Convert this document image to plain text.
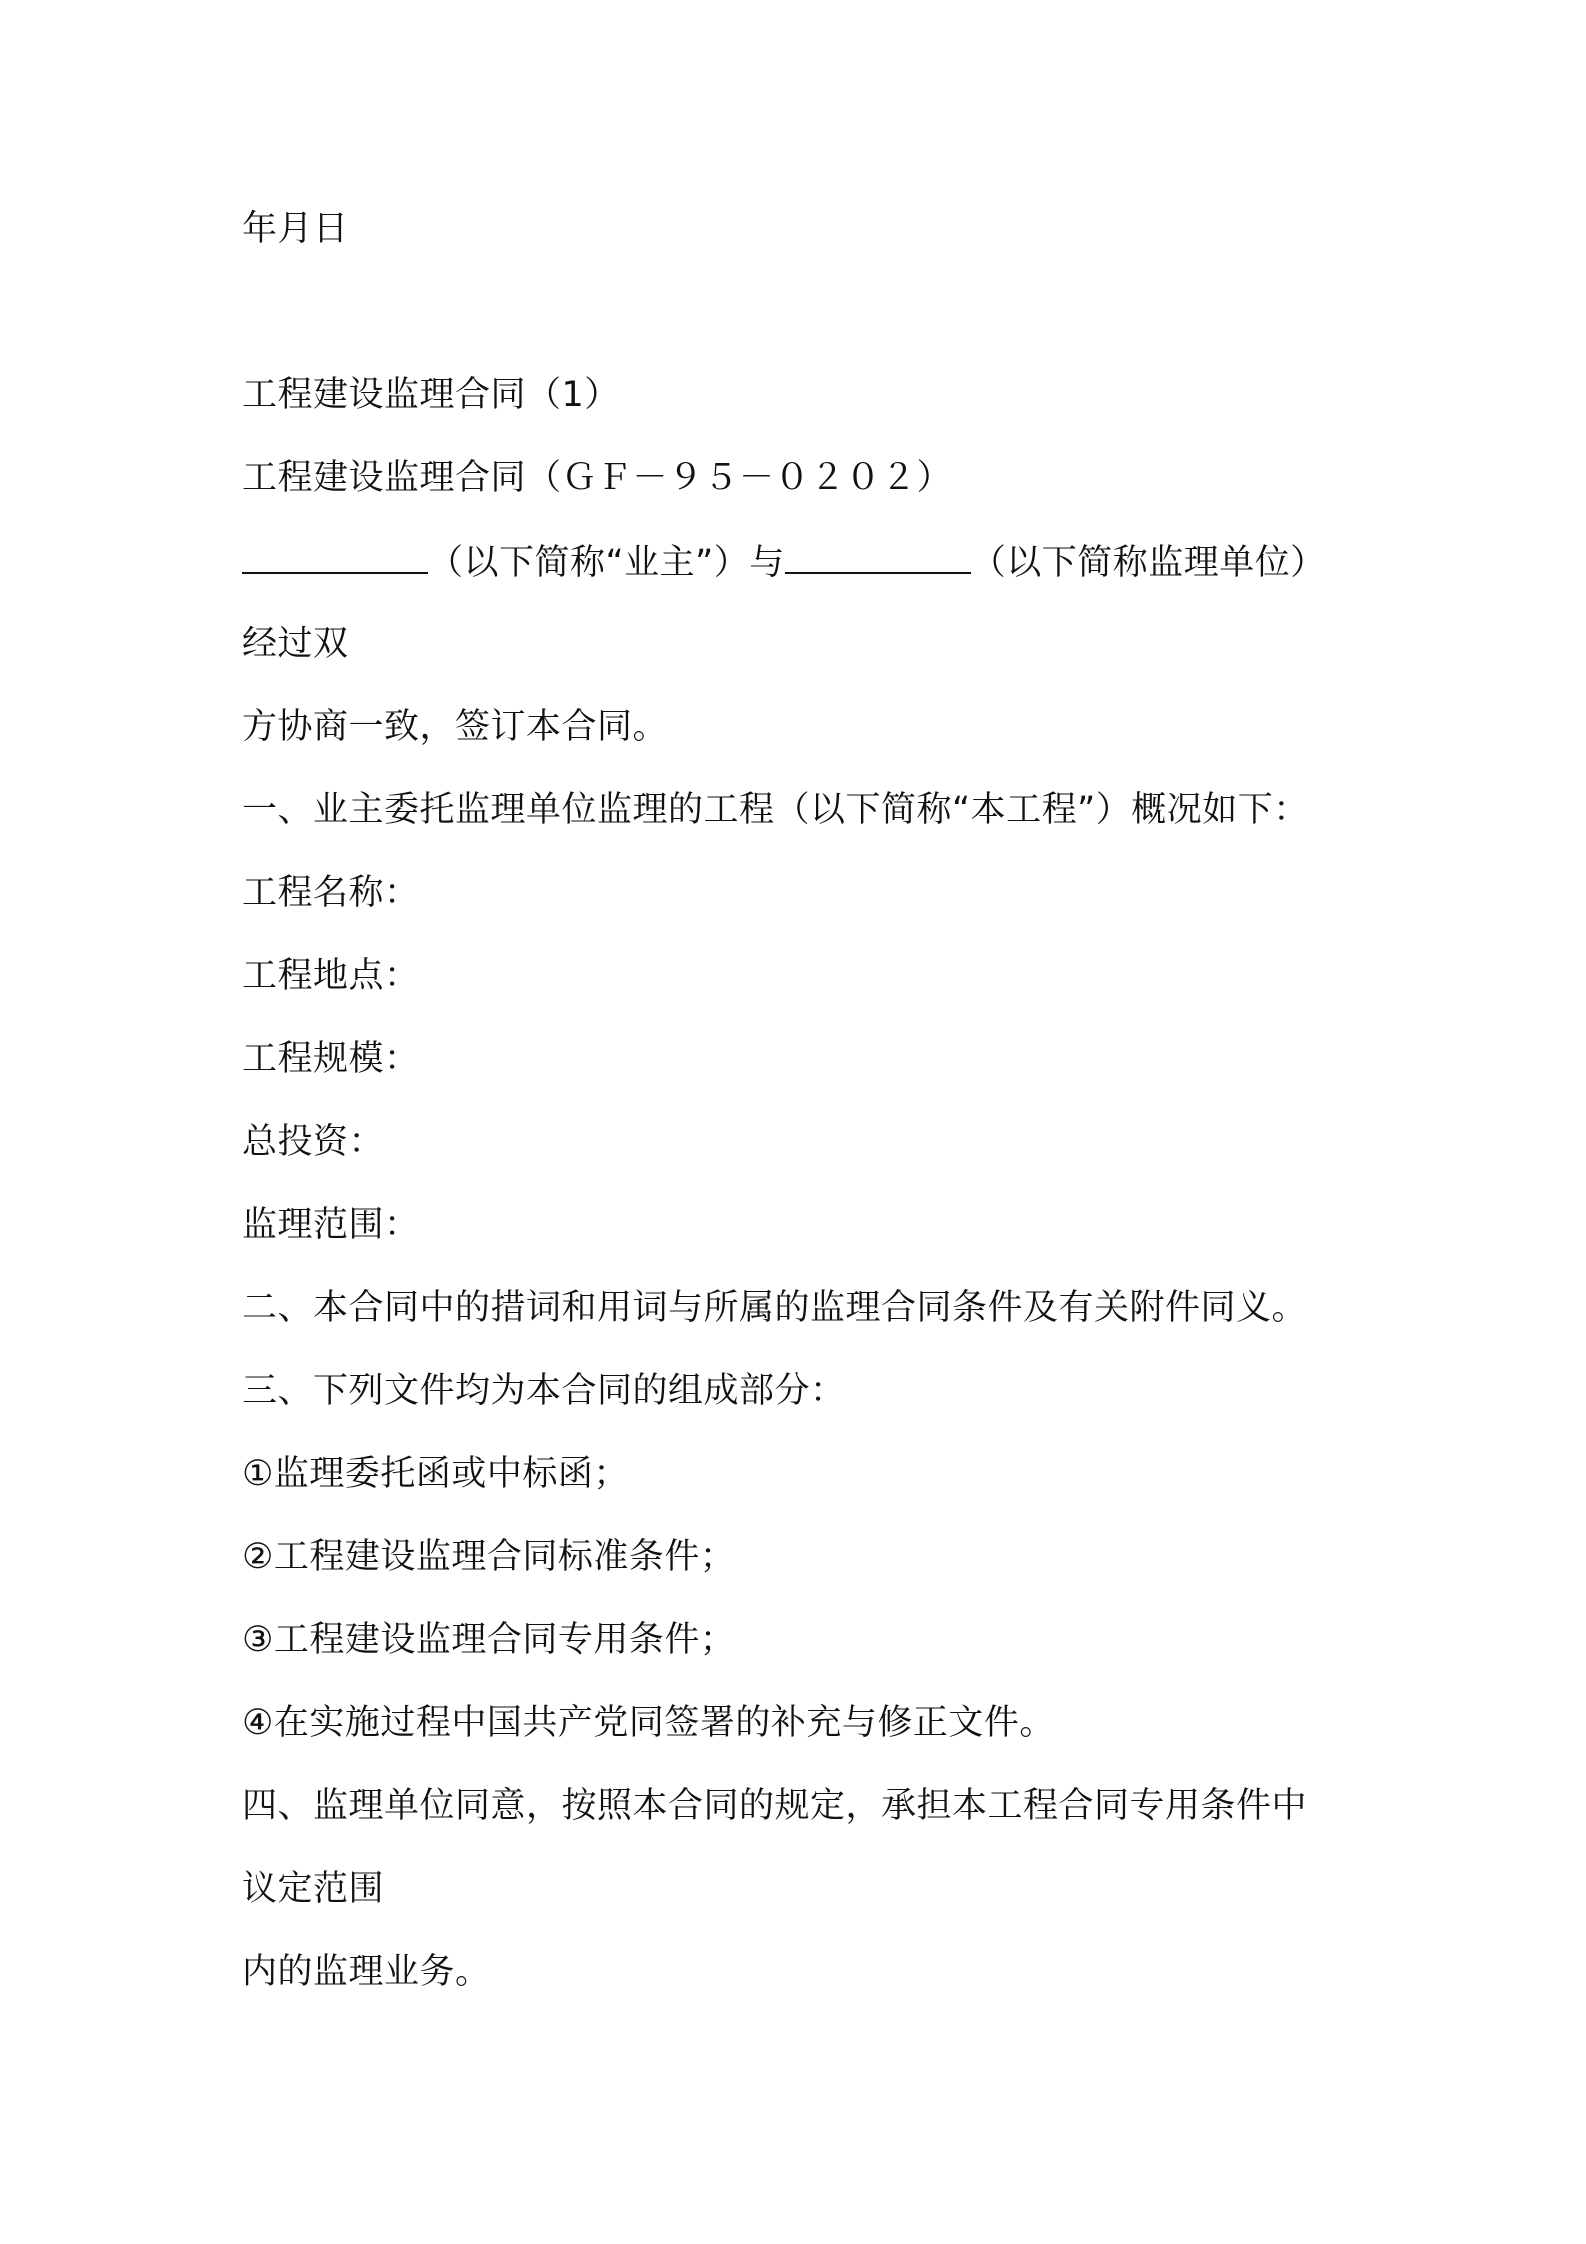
年月日
工程建设监理合同（1）
工程建设监理合同（ＧＦ－９５－０２０２）
（以下简称“业主”）与	（以下简称监理单位）
经过双
方协商一致，签订本合同。
一、业主委托监理单位监理的工程（以下简称“本工程”）概况如下：
工程名称：
工程地点：
工程规模：
总投资：
监理范围：
二、本合同中的措词和用词与所属的监理合同条件及有关附件同义。
三、下列文件均为本合同的组成部分：
①监理委托函或中标函；
②工程建设监理合同标准条件；
③工程建设监理合同专用条件；
④在实施过程中国共产党同签署的补充与修正文件。
四、监理单位同意，按照本合同的规定，承担本工程合同专用条件中
议定范围
内的监理业务。
